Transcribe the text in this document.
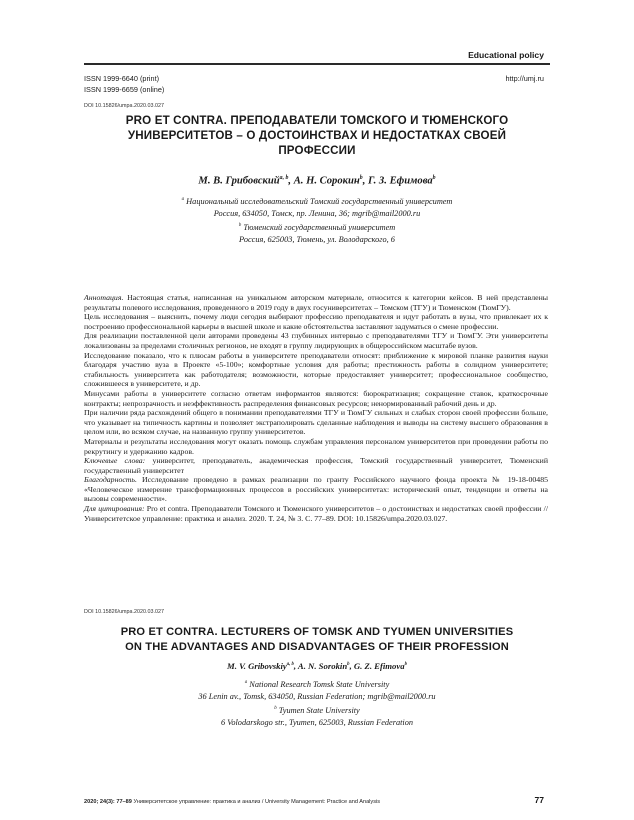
Educational policy
ISSN 1999-6640 (print)
ISSN 1999-6659 (online)
http://umj.ru
DOI 10.15826/umpa.2020.03.027
PRO ET CONTRA. ПРЕПОДАВАТЕЛИ ТОМСКОГО И ТЮМЕНСКОГО
УНИВЕРСИТЕТОВ – О ДОСТОИНСТВАХ И НЕДОСТАТКАХ СВОЕЙ
ПРОФЕССИИ
М. В. Грибовский$^{a, b}$, А. Н. Сорокин$^b$, Г. З. Ефимова$^b$
$^a$ Национальный исследовательский Томский государственный университет
Россия, 634050, Томск, пр. Ленина, 36; mgrib@mail2000.ru
$^b$ Тюменский государственный университет
Россия, 625003, Тюмень, ул. Володарского, 6

Аннотация. Настоящая статья, написанная на уникальном авторском материале, относится к категории кейсов. В ней представлены результаты полевого исследования, проведенного в 2019 году в двух госуниверситетах – Томском (ТГУ) и Тюменском (ТюмГУ).

Цель исследования – выяснить, почему люди сегодня выбирают профессию преподавателя и идут работать в вузы, что привлекает их к построению профессиональной карьеры в высшей школе и какие обстоятельства заставляют задуматься о смене профессии.

Для реализации поставленной цели авторами проведены 43 глубинных интервью с преподавателями ТГУ и ТюмГУ. Эти университеты локализованы за пределами столичных регионов, не входят в группу лидирующих в общероссийском масштабе вузов.

Исследование показало, что к плюсам работы в университете преподаватели относят: приближение к мировой планке развития науки благодаря участию вуза в Проекте «5-100»; комфортные условия для работы; престижность работы в солидном университете; стабильность университета как работодателя; возможности, которые предоставляет университет; профессиональное сообщество, сложившееся в университете, и др.

Минусами работы в университете согласно ответам информантов являются: бюрократизация; сокращение ставок, краткосрочные контракты; непрозрачность и неэффективность распределения финансовых ресурсов; ненормированный рабочий день и др.

При наличии ряда расхождений общего в понимании преподавателями ТГУ и ТюмГУ сильных и слабых сторон своей профессии больше, что указывает на типичность картины и позволяет экстраполировать сделанные наблюдения и выводы на систему высшего образования в целом или, во всяком случае, на названную группу университетов.

Материалы и результаты исследования могут оказать помощь службам управления персоналом университетов при проведении работы по рекрутингу и удержанию кадров.

Ключевые слова: университет, преподаватель, академическая профессия, Томский государственный университет, Тюменский государственный университет

Благодарность. Исследование проведено в рамках реализации по гранту Российского научного фонда проекта № 19-18-00485 «Человеческое измерение трансформационных процессов в российских университетах: исторический опыт, тенденции и ответы на вызовы современности».

Для цитирования: Pro et contra. Преподаватели Томского и Тюменского университетов – о достоинствах и недостатках своей профессии // Университетское управление: практика и анализ. 2020. Т. 24, № 3. С. 77–89. DOI: 10.15826/umpa.2020.03.027.

DOI 10.15826/umpa.2020.03.027
PRO ET CONTRA. LECTURERS OF TOMSK AND TYUMEN UNIVERSITIES
ON THE ADVANTAGES AND DISADVANTAGES OF THEIR PROFESSION
M. V. Gribovskiy$^{a, b}$, A. N. Sorokin$^b$, G. Z. Efimova$^b$
$^a$ National Research Tomsk State University
36 Lenin av., Tomsk, 634050, Russian Federation; mgrib@mail2000.ru
$^b$ Tyumen State University
6 Volodarskogo str., Tyumen, 625003, Russian Federation
2020; 24(3): 77–89 Университетское управление: практика и анализ / University Management: Practice and Analysis	77
